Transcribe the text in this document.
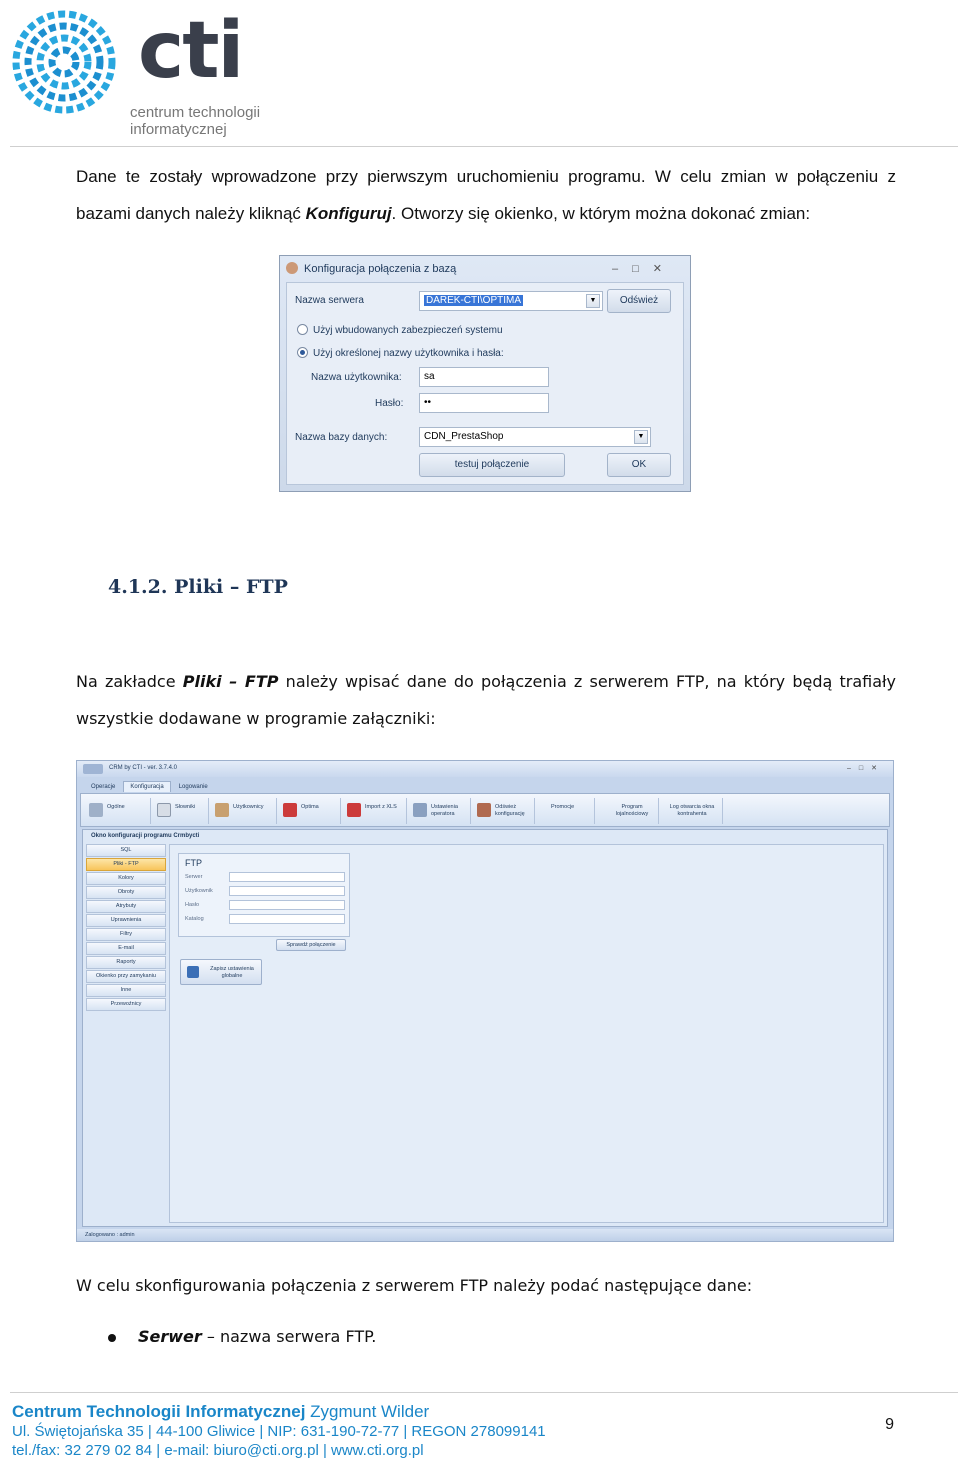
cti
centrum technologii
informatycznej

Dane te zostały wprowadzone przy pierwszym uruchomieniu programu. W celu zmian w połączeniu z bazami danych należy kliknąć Konfiguruj. Otworzy się okienko, w którym można dokonać zmian:

Konfiguracja połączenia z bazą	–□✕
Nazwa serwera	DAREK-CTI\OPTIMA	▼	Odśwież
Użyj wbudowanych zabezpieczeń systemu
Użyj określonej nazwy użytkownika i hasła:
Nazwa użytkownika:	sa
Hasło:	••
Nazwa bazy danych:	CDN_PrestaShop	▼
testuj połączenie	OK
4.1.2. Pliki – FTP

Na zakładce Pliki – FTP należy wpisać dane do połączenia z serwerem FTP, na który będą trafiały wszystkie dodawane w programie załączniki:

CRM by CTI - ver. 3.7.4.0	–□✕
Operacje	Konfiguracja	Logowanie
Ogólne	Słowniki	Użytkownicy	Optima	Import z XLS	Ustawienia operatora
Odśwież konfigurację
Promocje	Program lojalnościowy
Log otwarcia okna kontrahenta
Okno konfiguracji programu Crmbycti
SQL
Pliki - FTP
Kolory
Obroty
Atrybuty
Uprawnienia
Filtry
E-mail
Raporty
Okienko przy zamykaniu
Inne
Przewoźnicy
FTP
Serwer
Użytkownik
Hasło
Katalog
Sprawdź połączenie
Zapisz ustawienia globalne
Zalogowano : admin

W celu skonfigurowania połączenia z serwerem FTP należy podać następujące dane:

Serwer – nazwa serwera FTP.
Centrum Technologii Informatycznej Zygmunt Wilder
Ul. Świętojańska 35 | 44-100 Gliwice | NIP: 631-190-72-77 | REGON 278099141
tel./fax: 32 279 02 84 | e-mail: biuro@cti.org.pl | www.cti.org.pl
9
